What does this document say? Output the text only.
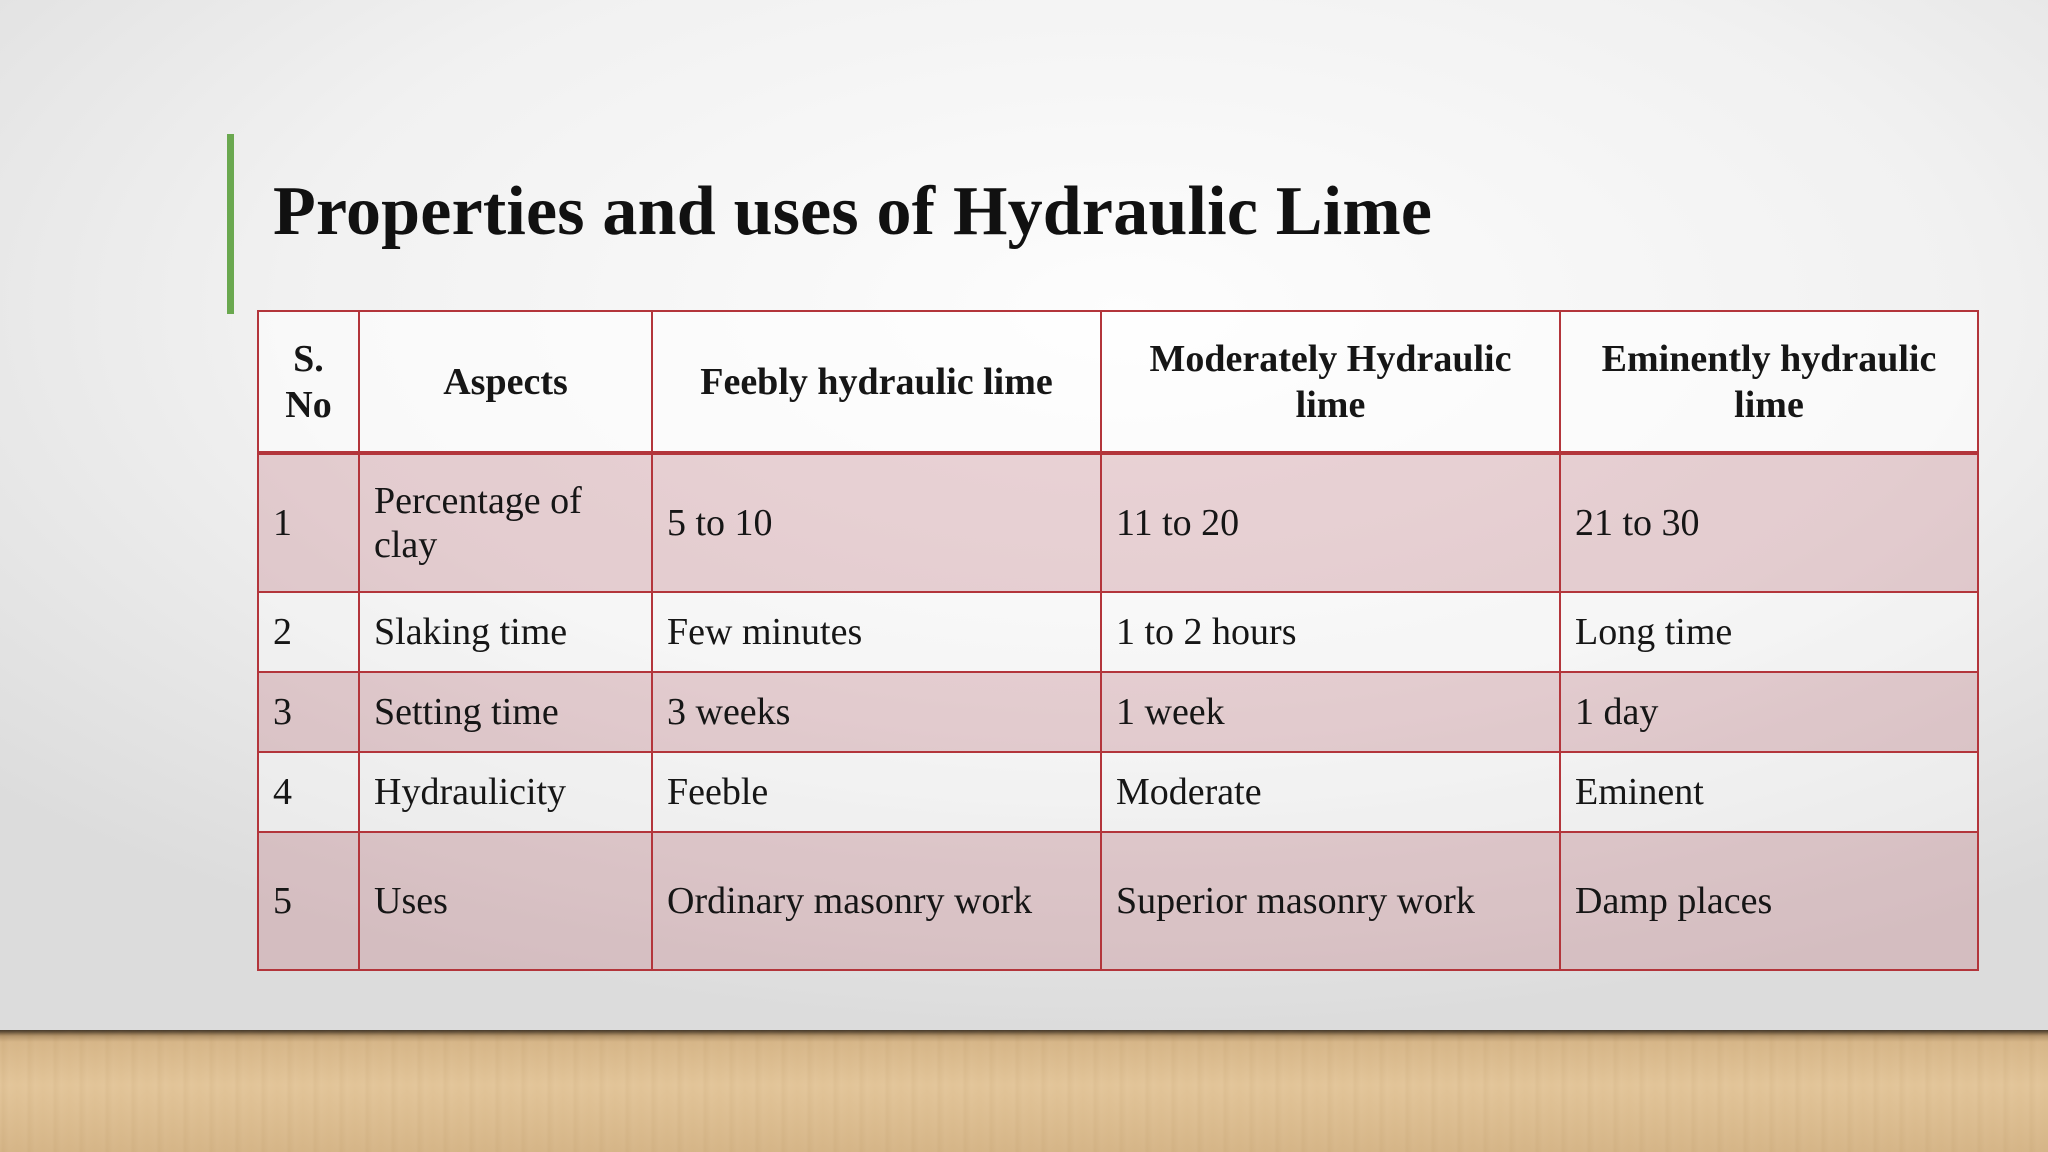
Properties and uses of Hydraulic Lime
S. No	Aspects	Feebly hydraulic lime	Moderately Hydraulic lime	Eminently hydraulic lime
1	Percentage of clay	5 to 10	11 to 20	21 to 30
2	Slaking time	Few minutes	1 to 2 hours	Long time
3	Setting time	3 weeks	1 week	1 day
4	Hydraulicity	Feeble	Moderate	Eminent
5	Uses	Ordinary masonry work	Superior masonry work	Damp places
